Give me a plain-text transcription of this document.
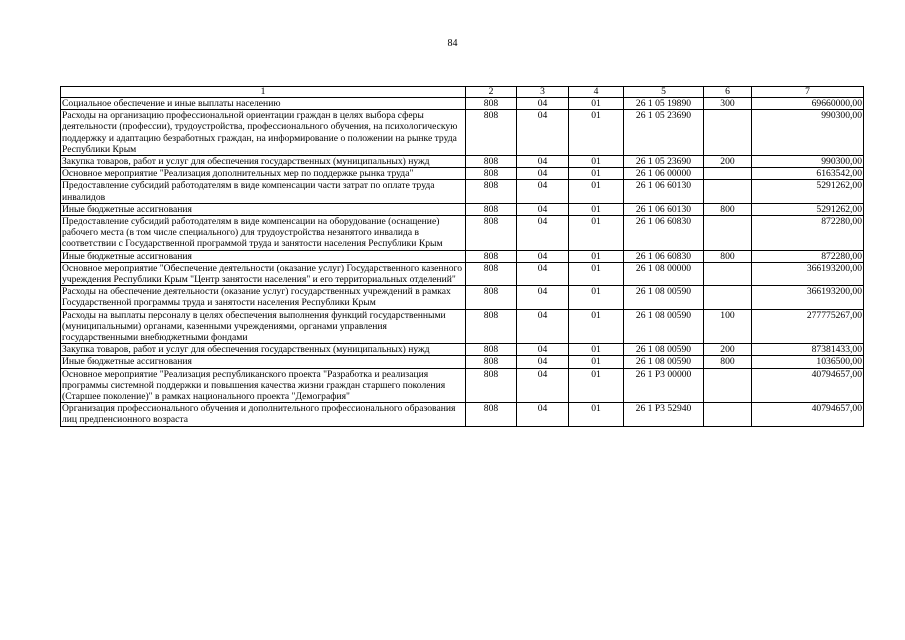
84
1	2	3	4	5	6	7
Социальное обеспечение и иные выплаты населению	808	04	01	26 1 05 19890	300	69660000,00
Расходы на организацию профессиональной ориентации граждан в целях выбора сферы деятельности (профессии), трудоустройства, профессионального обучения, на психологическую поддержку и адаптацию безработных граждан, на информирование о положении на рынке труда Республики Крым	808	04	01	26 1 05 23690		990300,00
Закупка товаров, работ и услуг для обеспечения государственных (муниципальных) нужд	808	04	01	26 1 05 23690	200	990300,00
Основное мероприятие "Реализация дополнительных мер по поддержке рынка труда"	808	04	01	26 1 06 00000		6163542,00
Предоставление субсидий работодателям в виде компенсации части затрат по оплате труда инвалидов	808	04	01	26 1 06 60130		5291262,00
Иные бюджетные ассигнования	808	04	01	26 1 06 60130	800	5291262,00
Предоставление субсидий работодателям в виде компенсации на оборудование (оснащение) рабочего места (в том числе специального) для трудоустройства незанятого инвалида в соответствии с Государственной программой труда и занятости населения Республики Крым	808	04	01	26 1 06 60830		872280,00
Иные бюджетные ассигнования	808	04	01	26 1 06 60830	800	872280,00
Основное мероприятие "Обеспечение деятельности (оказание услуг) Государственного казенного учреждения Республики Крым "Центр занятости населения" и его территориальных отделений"	808	04	01	26 1 08 00000		366193200,00
Расходы на обеспечение деятельности (оказание услуг) государственных учреждений в рамках Государственной программы труда и занятости населения Республики Крым	808	04	01	26 1 08 00590		366193200,00
Расходы на выплаты персоналу в целях обеспечения выполнения функций государственными (муниципальными) органами, казенными учреждениями, органами управления государственными внебюджетными фондами	808	04	01	26 1 08 00590	100	277775267,00
Закупка товаров, работ и услуг для обеспечения государственных (муниципальных) нужд	808	04	01	26 1 08 00590	200	87381433,00
Иные бюджетные ассигнования	808	04	01	26 1 08 00590	800	1036500,00
Основное мероприятие "Реализация республиканского проекта "Разработка и реализация программы системной поддержки и повышения качества жизни граждан старшего поколения (Старшее поколение)" в рамках национального проекта "Демография"	808	04	01	26 1 P3 00000		40794657,00
Организация профессионального обучения и дополнительного профессионального образования лиц предпенсионного возраста	808	04	01	26 1 P3 52940		40794657,00
